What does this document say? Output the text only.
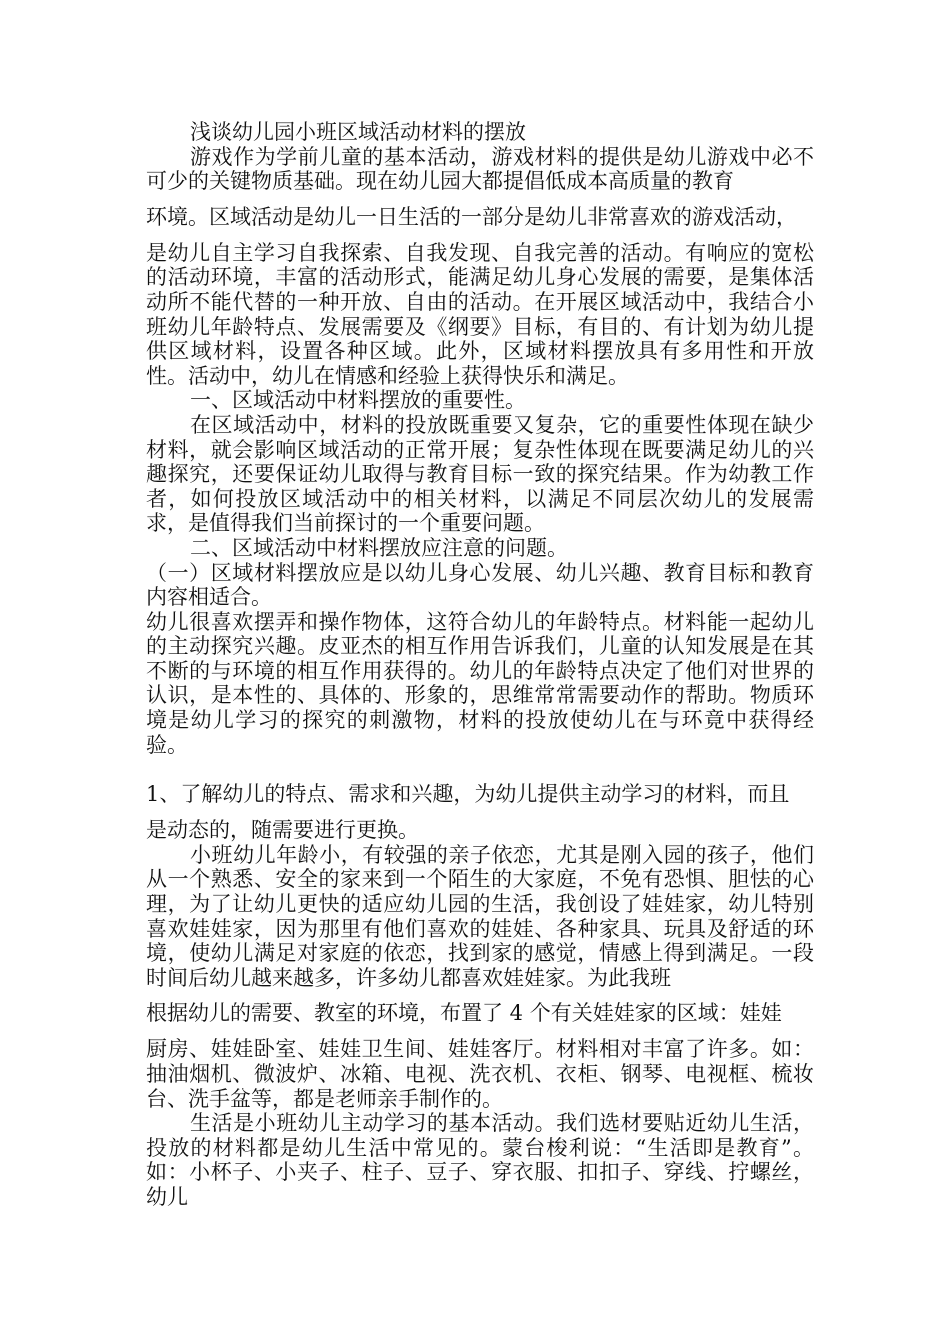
浅谈幼儿园小班区域活动材料的摆放

游戏作为学前儿童的基本活动，游戏材料的提供是幼儿游戏中必不可少的关键物质基础。现在幼儿园大都提倡低成本高质量的教育

环境。区域活动是幼儿一日生活的一部分是幼儿非常喜欢的游戏活动，

是幼儿自主学习自我探索、自我发现、自我完善的活动。有响应的宽松的活动环境，丰富的活动形式，能满足幼儿身心发展的需要，是集体活动所不能代替的一种开放、自由的活动。在开展区域活动中，我结合小班幼儿年龄特点、发展需要及《纲要》目标，有目的、有计划为幼儿提供区域材料，设置各种区域。此外，区域材料摆放具有多用性和开放性。活动中，幼儿在情感和经验上获得快乐和满足。

一、区域活动中材料摆放的重要性。

在区域活动中，材料的投放既重要又复杂，它的重要性体现在缺少材料，就会影响区域活动的正常开展；复杂性体现在既要满足幼儿的兴趣探究，还要保证幼儿取得与教育目标一致的探究结果。作为幼教工作者，如何投放区域活动中的相关材料，以满足不同层次幼儿的发展需求，是值得我们当前探讨的一个重要问题。

二、区域活动中材料摆放应注意的问题。

（一）区域材料摆放应是以幼儿身心发展、幼儿兴趣、教育目标和教育内容相适合。

幼儿很喜欢摆弄和操作物体，这符合幼儿的年龄特点。材料能一起幼儿的主动探究兴趣。皮亚杰的相互作用告诉我们，儿童的认知发展是在其不断的与环境的相互作用获得的。幼儿的年龄特点决定了他们对世界的认识，是本性的、具体的、形象的，思维常常需要动作的帮助。物质环境是幼儿学习的探究的刺激物，材料的投放使幼儿在与环竟中获得经验。

1、了解幼儿的特点、需求和兴趣，为幼儿提供主动学习的材料，而且

是动态的，随需要进行更换。

小班幼儿年龄小，有较强的亲子依恋，尤其是刚入园的孩子，他们从一个熟悉、安全的家来到一个陌生的大家庭，不免有恐惧、胆怯的心理，为了让幼儿更快的适应幼儿园的生活，我创设了娃娃家，幼儿特别喜欢娃娃家，因为那里有他们喜欢的娃娃、各种家具、玩具及舒适的环境，使幼儿满足对家庭的依恋，找到家的感觉，情感上得到满足。一段时间后幼儿越来越多，许多幼儿都喜欢娃娃家。为此我班

根据幼儿的需要、教室的环境，布置了 4 个有关娃娃家的区域：娃娃

厨房、娃娃卧室、娃娃卫生间、娃娃客厅。材料相对丰富了许多。如：抽油烟机、微波炉、冰箱、电视、洗衣机、衣柜、钢琴、电视框、梳妆台、洗手盆等，都是老师亲手制作的。

生活是小班幼儿主动学习的基本活动。我们选材要贴近幼儿生活，投放的材料都是幼儿生活中常见的。蒙台梭利说：“生活即是教育”。如：小杯子、小夹子、柱子、豆子、穿衣服、扣扣子、穿线、拧螺丝，幼儿
